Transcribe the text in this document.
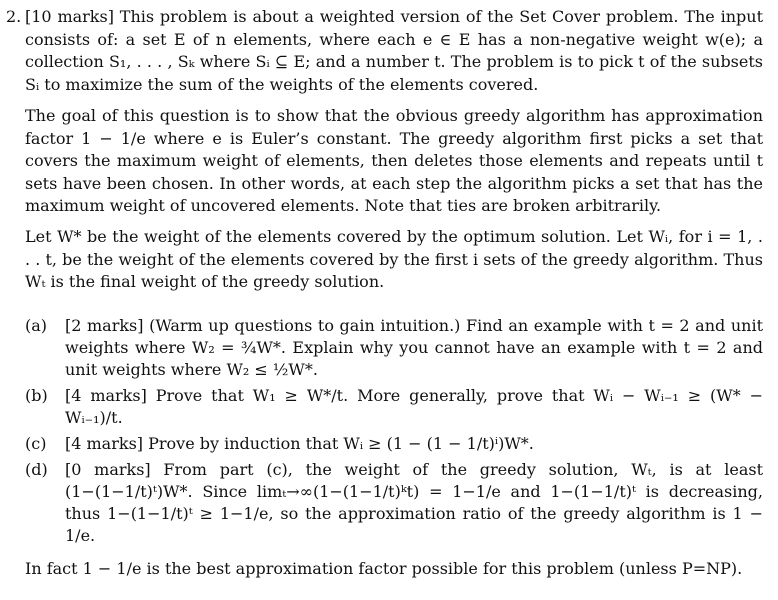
2. [10 marks] This problem is about a weighted version of the Set Cover problem. The input consists of: a set E of n elements, where each e ∈ E has a non-negative weight w(e); a collection S₁, . . . , Sₖ where Sᵢ ⊆ E; and a number t. The problem is to pick t of the subsets Sᵢ to maximize the sum of the weights of the elements covered.

The goal of this question is to show that the obvious greedy algorithm has approximation factor 1 − 1/e where e is Euler’s constant. The greedy algorithm first picks a set that covers the maximum weight of elements, then deletes those elements and repeats until t sets have been chosen. In other words, at each step the algorithm picks a set that has the maximum weight of uncovered elements. Note that ties are broken arbitrarily.

Let W* be the weight of the elements covered by the optimum solution. Let Wᵢ, for i = 1, . . . t, be the weight of the elements covered by the first i sets of the greedy algorithm. Thus Wₜ is the final weight of the greedy solution.

(a) [2 marks] (Warm up questions to gain intuition.) Find an example with t = 2 and unit weights where W₂ = ¾W*. Explain why you cannot have an example with t = 2 and unit weights where W₂ ≤ ½W*.
(b) [4 marks] Prove that W₁ ≥ W*/t. More generally, prove that Wᵢ − Wᵢ₋₁ ≥ (W* − Wᵢ₋₁)/t.
(c) [4 marks] Prove by induction that Wᵢ ≥ (1 − (1 − 1/t)ⁱ)W*.
(d) [0 marks] From part (c), the weight of the greedy solution, Wₜ, is at least (1−(1−1/t)ᵗ)W*. Since limₜ→∞(1−(1−1/t)ᵏt) = 1−1/e and 1−(1−1/t)ᵗ is decreasing, thus 1−(1−1/t)ᵗ ≥ 1−1/e, so the approximation ratio of the greedy algorithm is 1 − 1/e.

In fact 1 − 1/e is the best approximation factor possible for this problem (unless P=NP).
